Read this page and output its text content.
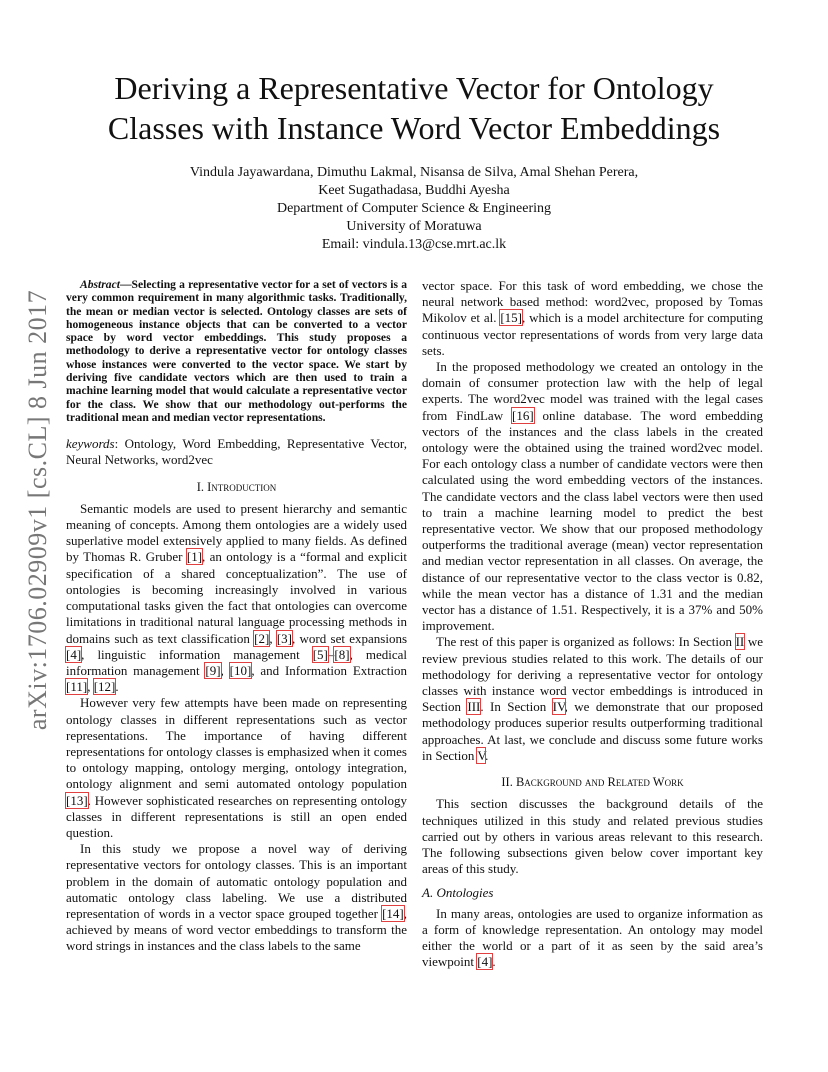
arXiv:1706.02909v1 [cs.CL] 8 Jun 2017
Deriving a Representative Vector for Ontology
Classes with Instance Word Vector Embeddings
Vindula Jayawardana, Dimuthu Lakmal, Nisansa de Silva, Amal Shehan Perera,
Keet Sugathadasa, Buddhi Ayesha
Department of Computer Science & Engineering
University of Moratuwa
Email: vindula.13@cse.mrt.ac.lk

Abstract—Selecting a representative vector for a set of vectors is a very common requirement in many algorithmic tasks. Traditionally, the mean or median vector is selected. Ontology classes are sets of homogeneous instance objects that can be converted to a vector space by word vector embeddings. This study proposes a methodology to derive a representative vector for ontology classes whose instances were converted to the vector space. We start by deriving five candidate vectors which are then used to train a machine learning model that would calculate a representative vector for the class. We show that our methodology out-performs the traditional mean and median vector representations.

keywords: Ontology, Word Embedding, Representative Vector, Neural Networks, word2vec

I. Introduction

Semantic models are used to present hierarchy and semantic meaning of concepts. Among them ontologies are a widely used superlative model extensively applied to many fields. As defined by Thomas R. Gruber [1], an ontology is a “formal and explicit specification of a shared conceptualization”. The use of ontologies is becoming increasingly involved in various computational tasks given the fact that ontologies can overcome limitations in traditional natural language processing methods in domains such as text classification [2], [3], word set expansions [4], linguistic information management [5]–[8], medical information management [9], [10], and Information Extraction [11], [12].

However very few attempts have been made on representing ontology classes in different representations such as vector representations. The importance of having different representations for ontology classes is emphasized when it comes to ontology mapping, ontology merging, ontology integration, ontology alignment and semi automated ontology population [13]. However sophisticated researches on representing ontology classes in different representations is still an open ended question.

In this study we propose a novel way of deriving representative vectors for ontology classes. This is an important problem in the domain of automatic ontology population and automatic ontology class labeling. We use a distributed representation of words in a vector space grouped together [14], achieved by means of word vector embeddings to transform the word strings in instances and the class labels to the same

vector space. For this task of word embedding, we chose the neural network based method: word2vec, proposed by Tomas Mikolov et al. [15], which is a model architecture for computing continuous vector representations of words from very large data sets.

In the proposed methodology we created an ontology in the domain of consumer protection law with the help of legal experts. The word2vec model was trained with the legal cases from FindLaw [16] online database. The word embedding vectors of the instances and the class labels in the created ontology were the obtained using the trained word2vec model. For each ontology class a number of candidate vectors were then calculated using the word embedding vectors of the instances. The candidate vectors and the class label vectors were then used to train a machine learning model to predict the best representative vector. We show that our proposed methodology outperforms the traditional average (mean) vector representation and median vector representation in all classes. On average, the distance of our representative vector to the class vector is 0.82, while the mean vector has a distance of 1.31 and the median vector has a distance of 1.51. Respectively, it is a 37% and 50% improvement.

The rest of this paper is organized as follows: In Section II we review previous studies related to this work. The details of our methodology for deriving a representative vector for ontology classes with instance word vector embeddings is introduced in Section III. In Section IV, we demonstrate that our proposed methodology produces superior results outperforming traditional approaches. At last, we conclude and discuss some future works in Section V.

II. Background and Related Work

This section discusses the background details of the techniques utilized in this study and related previous studies carried out by others in various areas relevant to this research. The following subsections given below cover important key areas of this study.

A. Ontologies

In many areas, ontologies are used to organize information as a form of knowledge representation. An ontology may model either the world or a part of it as seen by the said area’s viewpoint [4].
